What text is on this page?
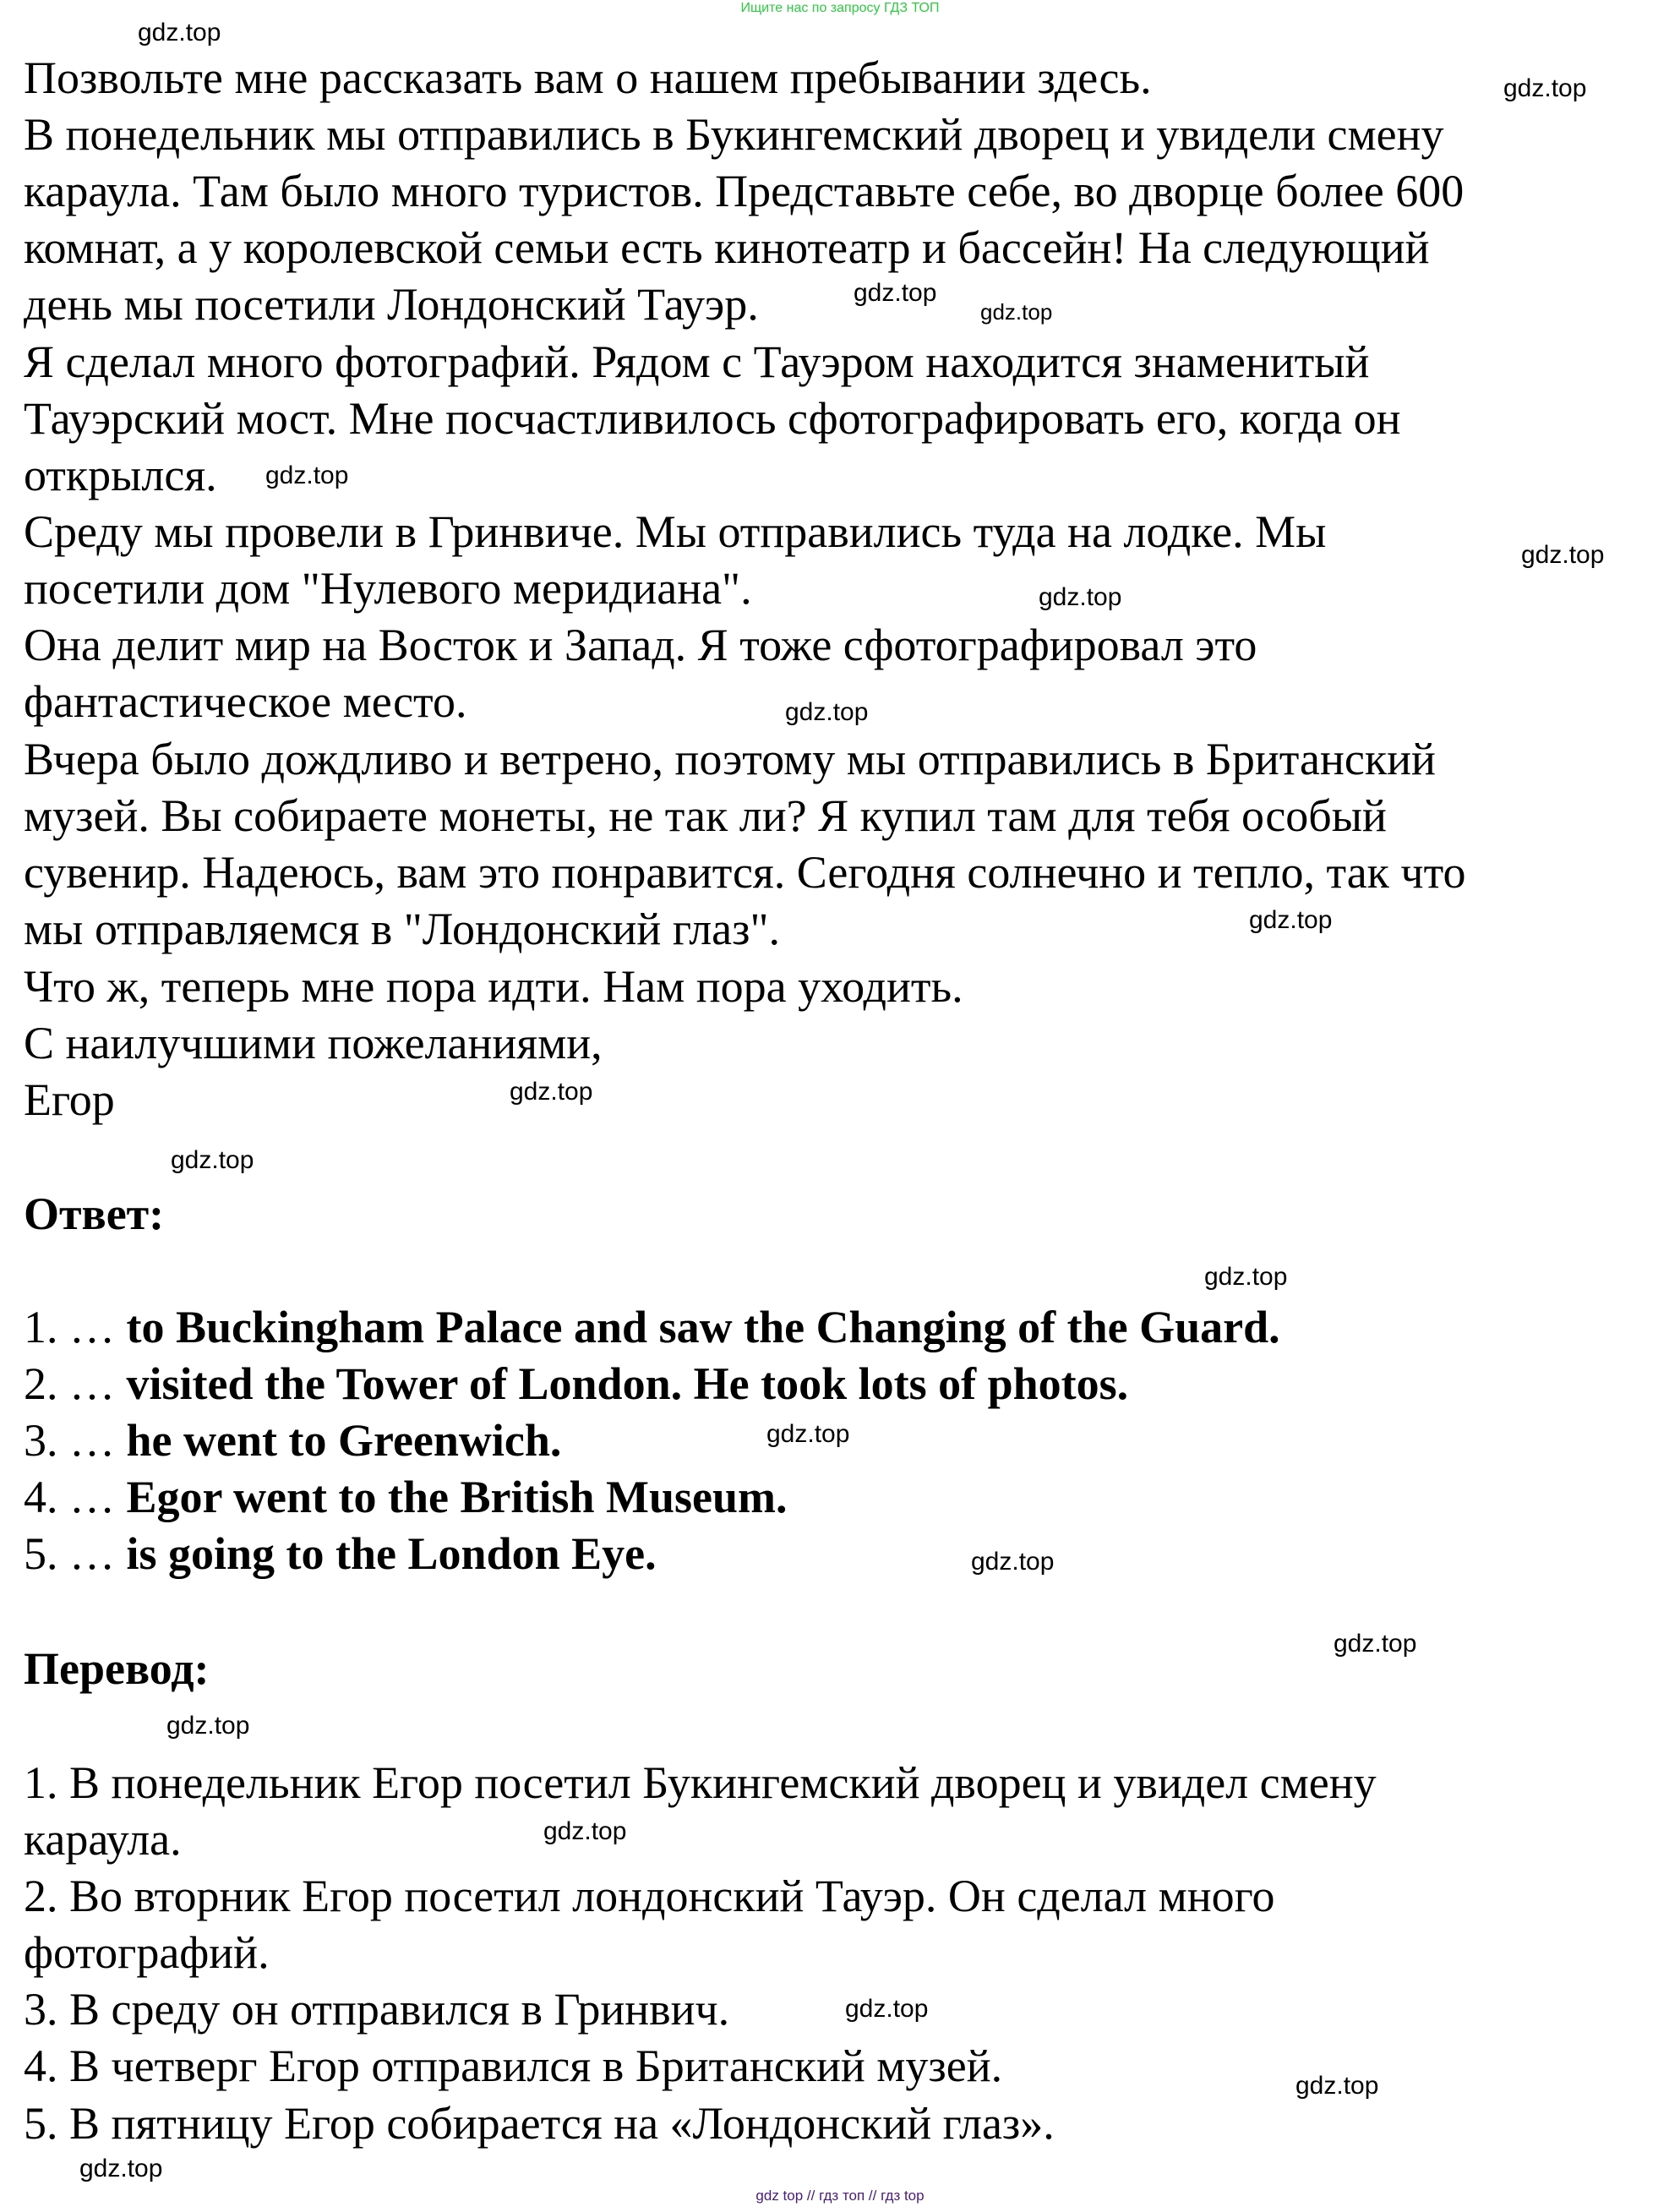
Ищите нас по запросу ГДЗ ТОП
Позвольте мне рассказать вам о нашем пребывании здесь.
В понедельник мы отправились в Букингемский дворец и увидели смену
караула. Там было много туристов. Представьте себе, во дворце более 600
комнат, а у королевской семьи есть кинотеатр и бассейн! На следующий
день мы посетили Лондонский Тауэр.
Я сделал много фотографий. Рядом с Тауэром находится знаменитый
Тауэрский мост. Мне посчастливилось сфотографировать его, когда он
открылся.
Среду мы провели в Гринвиче. Мы отправились туда на лодке. Мы
посетили дом "Нулевого меридиана".
Она делит мир на Восток и Запад. Я тоже сфотографировал это
фантастическое место.
Вчера было дождливо и ветрено, поэтому мы отправились в Британский
музей. Вы собираете монеты, не так ли? Я купил там для тебя особый
сувенир. Надеюсь, вам это понравится. Сегодня солнечно и тепло, так что
мы отправляемся в "Лондонский глаз".
Что ж, теперь мне пора идти. Нам пора уходить.
С наилучшими пожеланиями,
Егор
Ответ:
1. … to Buckingham Palace and saw the Changing of the Guard.
2. … visited the Tower of London. He took lots of photos.
3. … he went to Greenwich.
4. … Egor went to the British Museum.
5. … is going to the London Eye.
Перевод:
1. В понедельник Егор посетил Букингемский дворец и увидел смену
караула.
2. Во вторник Егор посетил лондонский Тауэр. Он сделал много
фотографий.
3. В среду он отправился в Гринвич.
4. В четверг Егор отправился в Британский музей.
5. В пятницу Егор собирается на «Лондонский глаз».
gdz.top
gdz.top
gdz.top
gdz.top
gdz.top
gdz.top
gdz.top
gdz.top
gdz.top
gdz.top
gdz.top
gdz.top
gdz.top
gdz.top
gdz.top
gdz.top
gdz.top
gdz.top
gdz.top
gdz.top
gdz top // гдз топ // гдз top
